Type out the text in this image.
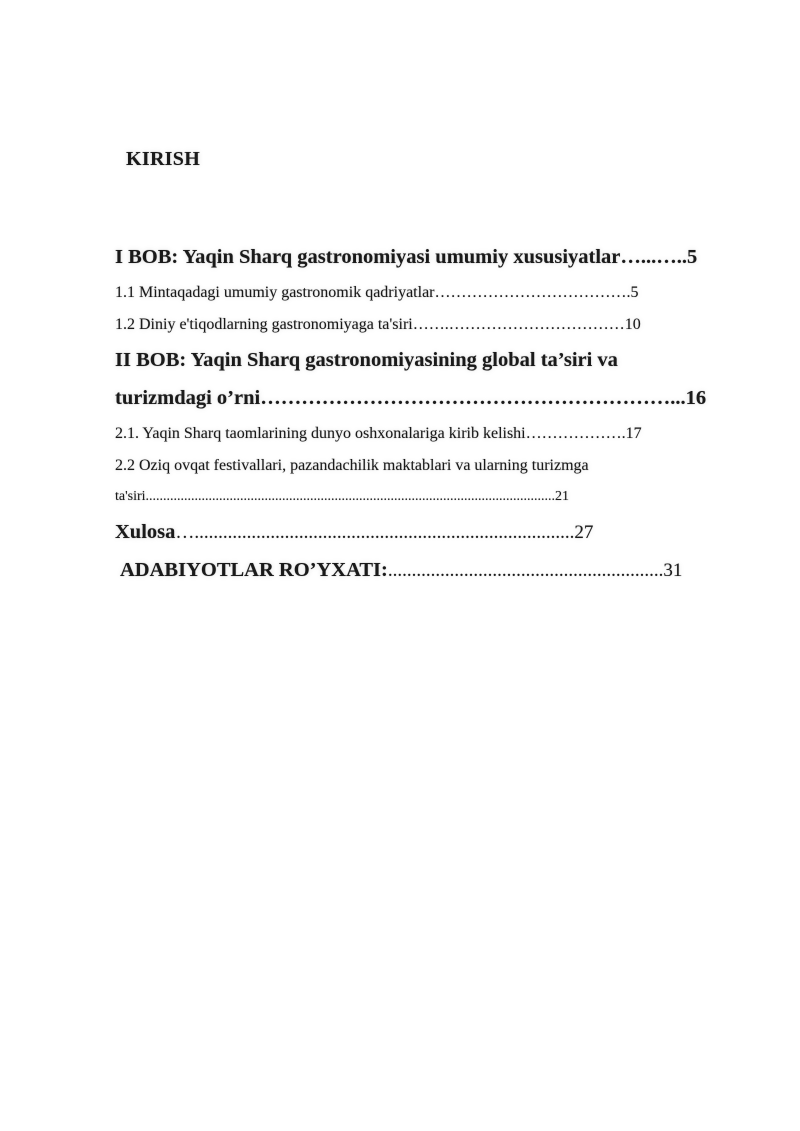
KIRISH
I BOB: Yaqin Sharq gastronomiyasi umumiy xususiyatlar…...…..5
1.1 Mintaqadagi umumiy gastronomik qadriyatlar……………………………….5
1.2 Diniy e'tiqodlarning gastronomiyaga ta'siri…….……………………………10
II BOB: Yaqin Sharq gastronomiyasining global ta’siri va
turizmdagi o’rni……………………………………………………...16
2.1. Yaqin Sharq taomlarining dunyo oshxonalariga kirib kelishi……………….17
2.2 Oziq ovqat festivallari, pazandachilik maktablari va ularning turizmga
ta'siri.....................................................................................................................21
Xulosa…................................................................................27
ADABIYOTLAR RO’YXATI:..........................................................31
